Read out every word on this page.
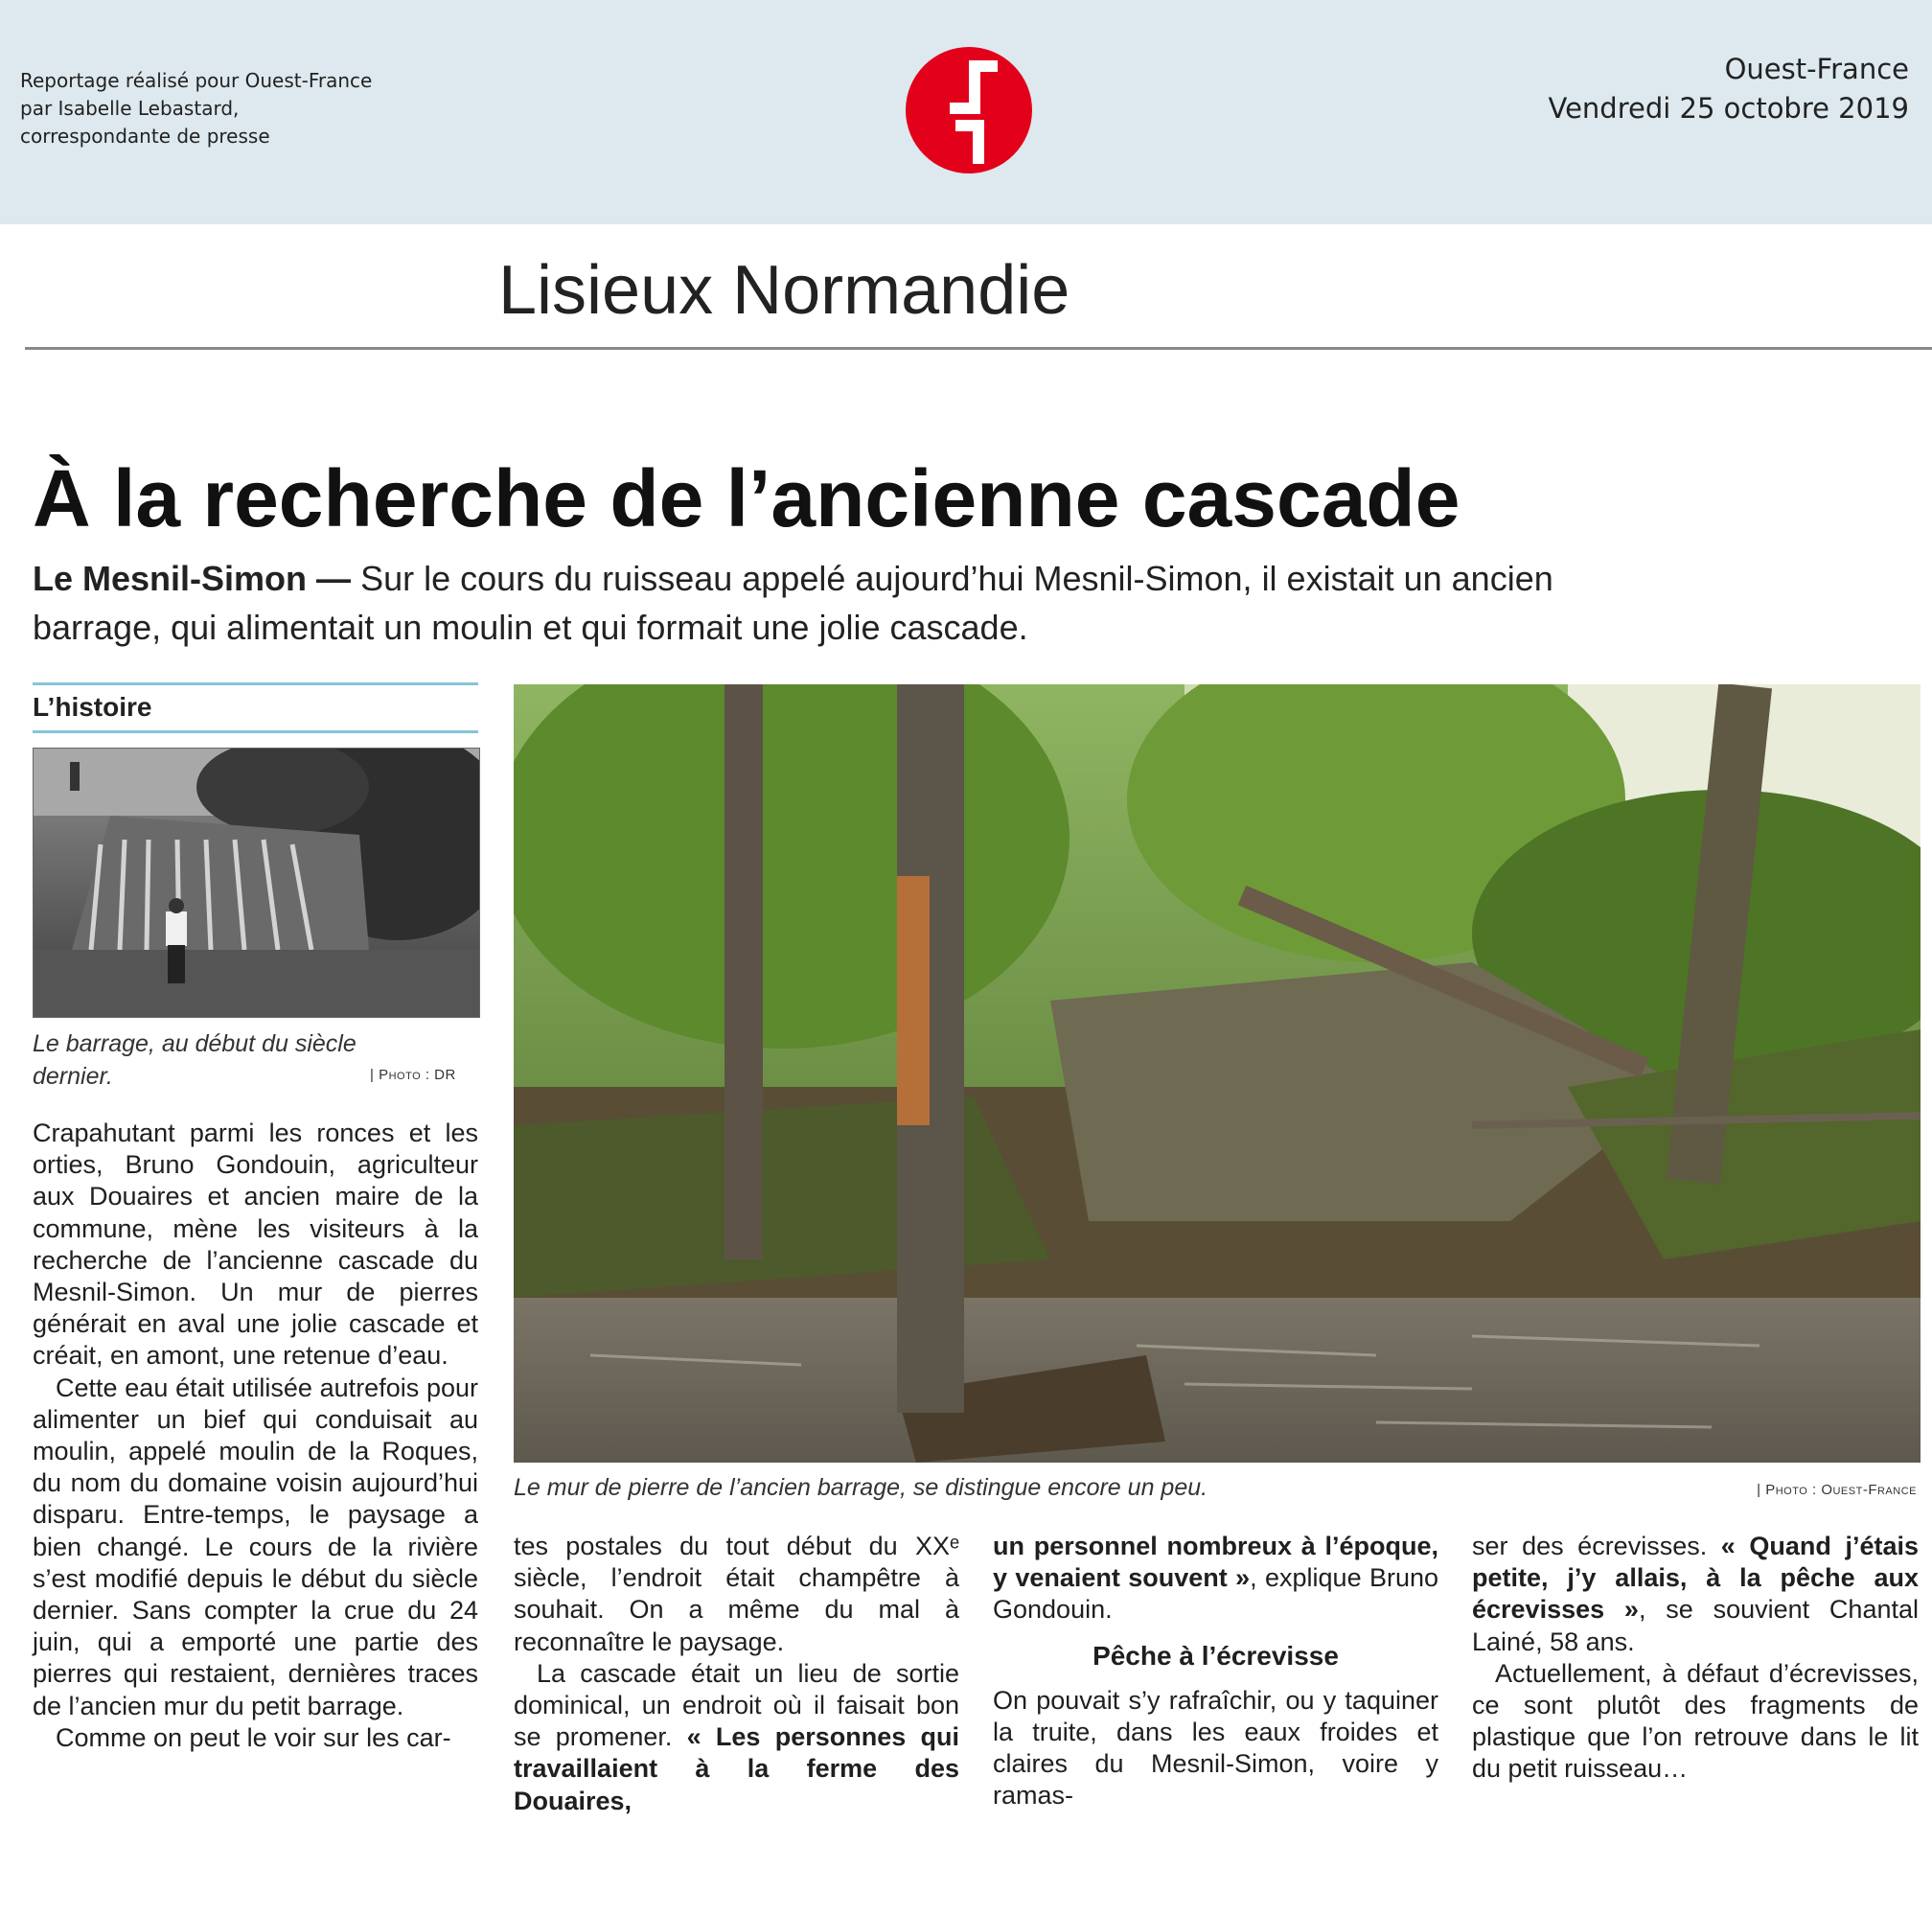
Reportage réalisé pour Ouest-France
par Isabelle Lebastard,
correspondante de presse
Ouest-France
Vendredi 25 octobre 2019
Lisieux Normandie
À la recherche de l’ancienne cascade
Le Mesnil-Simon — Sur le cours du ruisseau appelé aujourd’hui Mesnil-Simon, il existait un ancien barrage, qui alimentait un moulin et qui formait une jolie cascade.
L’histoire
Le barrage, au début du siècle dernier.	| Photo : DR
Le mur de pierre de l’ancien barrage, se distingue encore un peu.	| Photo : Ouest-France

Crapahutant parmi les ronces et les orties, Bruno Gondouin, agriculteur aux Douaires et ancien maire de la commune, mène les visiteurs à la recherche de l’ancienne cascade du Mesnil-Simon. Un mur de pierres générait en aval une jolie cascade et créait, en amont, une retenue d’eau.

Cette eau était utilisée autrefois pour alimenter un bief qui conduisait au moulin, appelé moulin de la Roques, du nom du domaine voisin aujourd’hui disparu. Entre-temps, le paysage a bien changé. Le cours de la rivière s’est modifié depuis le début du siècle dernier. Sans compter la crue du 24 juin, qui a emporté une partie des pierres qui restaient, dernières traces de l’ancien mur du petit barrage.

Comme on peut le voir sur les car-

tes postales du tout début du XXᵉ siècle, l’endroit était champêtre à souhait. On a même du mal à reconnaître le paysage.

La cascade était un lieu de sortie dominical, un endroit où il faisait bon se promener. « Les personnes qui travaillaient à la ferme des Douaires,

un personnel nombreux à l’époque, y venaient souvent », explique Bruno Gondouin.

Pêche à l’écrevisse

On pouvait s’y rafraîchir, ou y taquiner la truite, dans les eaux froides et claires du Mesnil-Simon, voire y ramas-

ser des écrevisses. « Quand j’étais petite, j’y allais, à la pêche aux écrevisses », se souvient Chantal Lainé, 58 ans.

Actuellement, à défaut d’écrevisses, ce sont plutôt des fragments de plastique que l’on retrouve dans le lit du petit ruisseau…
